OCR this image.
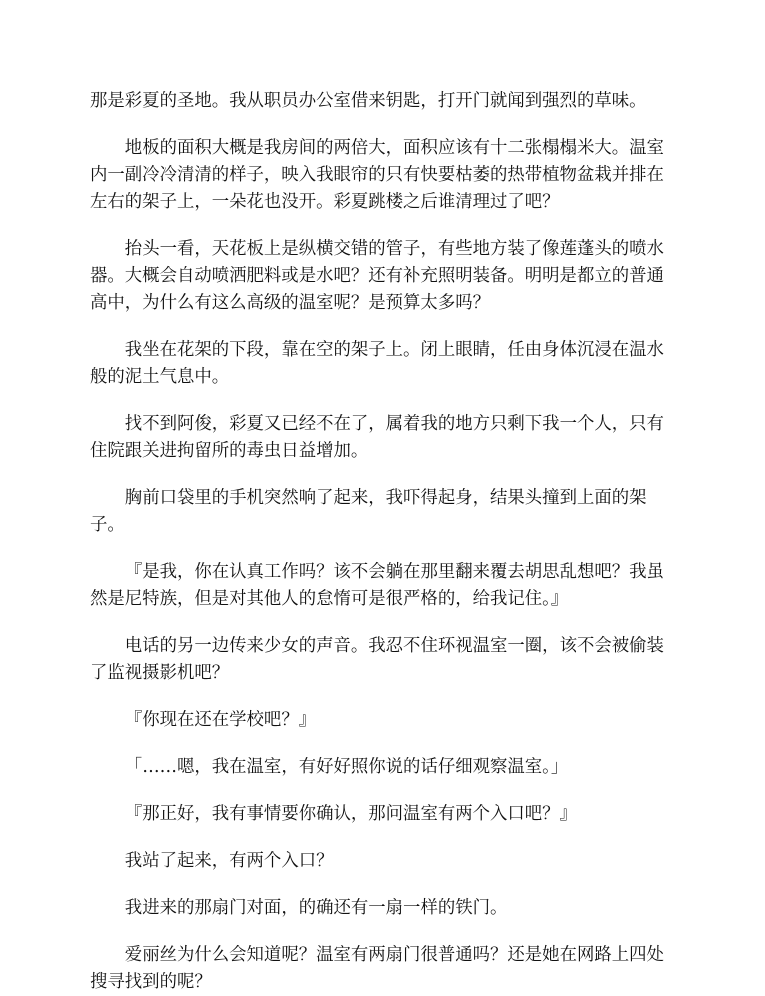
那是彩夏的圣地。我从职员办公室借来钥匙，打开门就闻到强烈的草味。

地板的面积大概是我房间的两倍大，面积应该有十二张榻榻米大。温室内一副冷冷清清的样子，映入我眼帘的只有快要枯萎的热带植物盆栽并排在左右的架子上，一朵花也没开。彩夏跳楼之后谁清理过了吧？

抬头一看，天花板上是纵横交错的管子，有些地方装了像莲蓬头的喷水器。大概会自动喷洒肥料或是水吧？还有补充照明装备。明明是都立的普通高中，为什么有这么高级的温室呢？是预算太多吗？

我坐在花架的下段，靠在空的架子上。闭上眼睛，任由身体沉浸在温水般的泥土气息中。

找不到阿俊，彩夏又已经不在了，属着我的地方只剩下我一个人，只有住院跟关进拘留所的毒虫日益增加。

胸前口袋里的手机突然响了起来，我吓得起身，结果头撞到上面的架子。

『是我，你在认真工作吗？该不会躺在那里翻来覆去胡思乱想吧？我虽然是尼特族，但是对其他人的怠惰可是很严格的，给我记住。』

电话的另一边传来少女的声音。我忍不住环视温室一圈，该不会被偷装了监视摄影机吧？

『你现在还在学校吧？』

「……嗯，我在温室，有好好照你说的话仔细观察温室。」

『那正好，我有事情要你确认，那问温室有两个入口吧？』

我站了起来，有两个入口？

我进来的那扇门对面，的确还有一扇一样的铁门。

爱丽丝为什么会知道呢？温室有两扇门很普通吗？还是她在网路上四处搜寻找到的呢？
